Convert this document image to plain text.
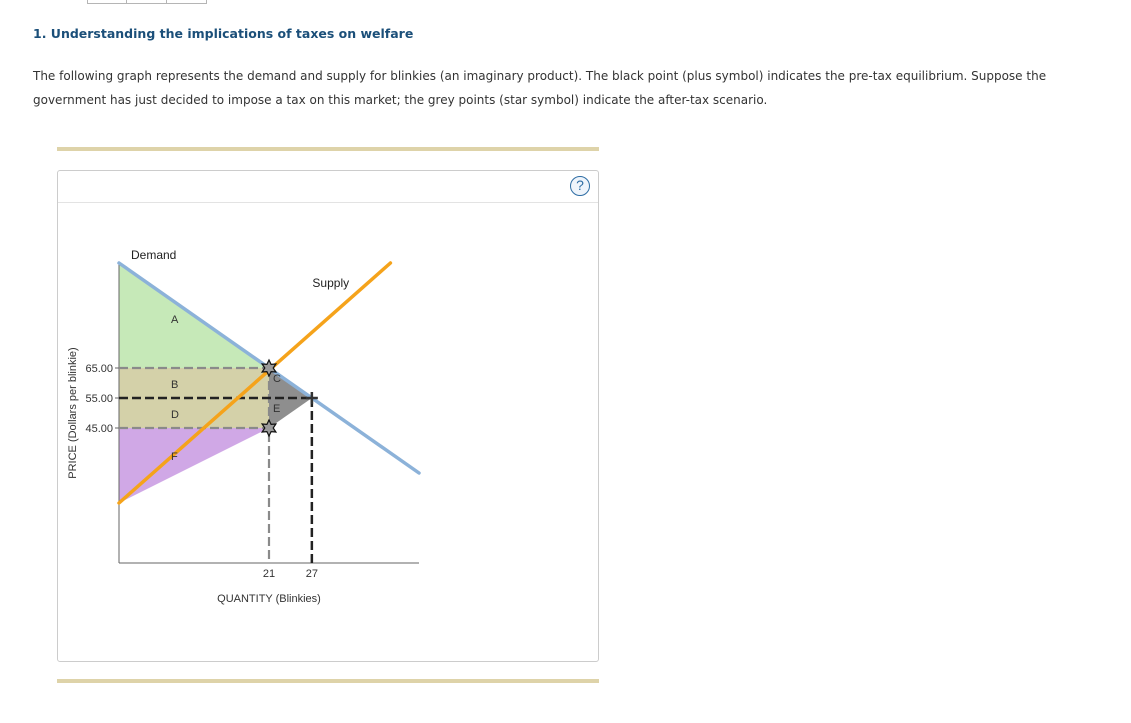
1. Understanding the implications of taxes on welfare

The following graph represents the demand and supply for blinkies (an imaginary product). The black point (plus symbol) indicates the pre-tax equilibrium. Suppose the government has just decided to impose a tax on this market; the grey points (star symbol) indicate the after-tax scenario.

?
Demand
Supply
A
B	C
D	E
F
65.00
55.00
45.00
21	27
QUANTITY (Blinkies)
PRICE (Dollars per blinkie)
